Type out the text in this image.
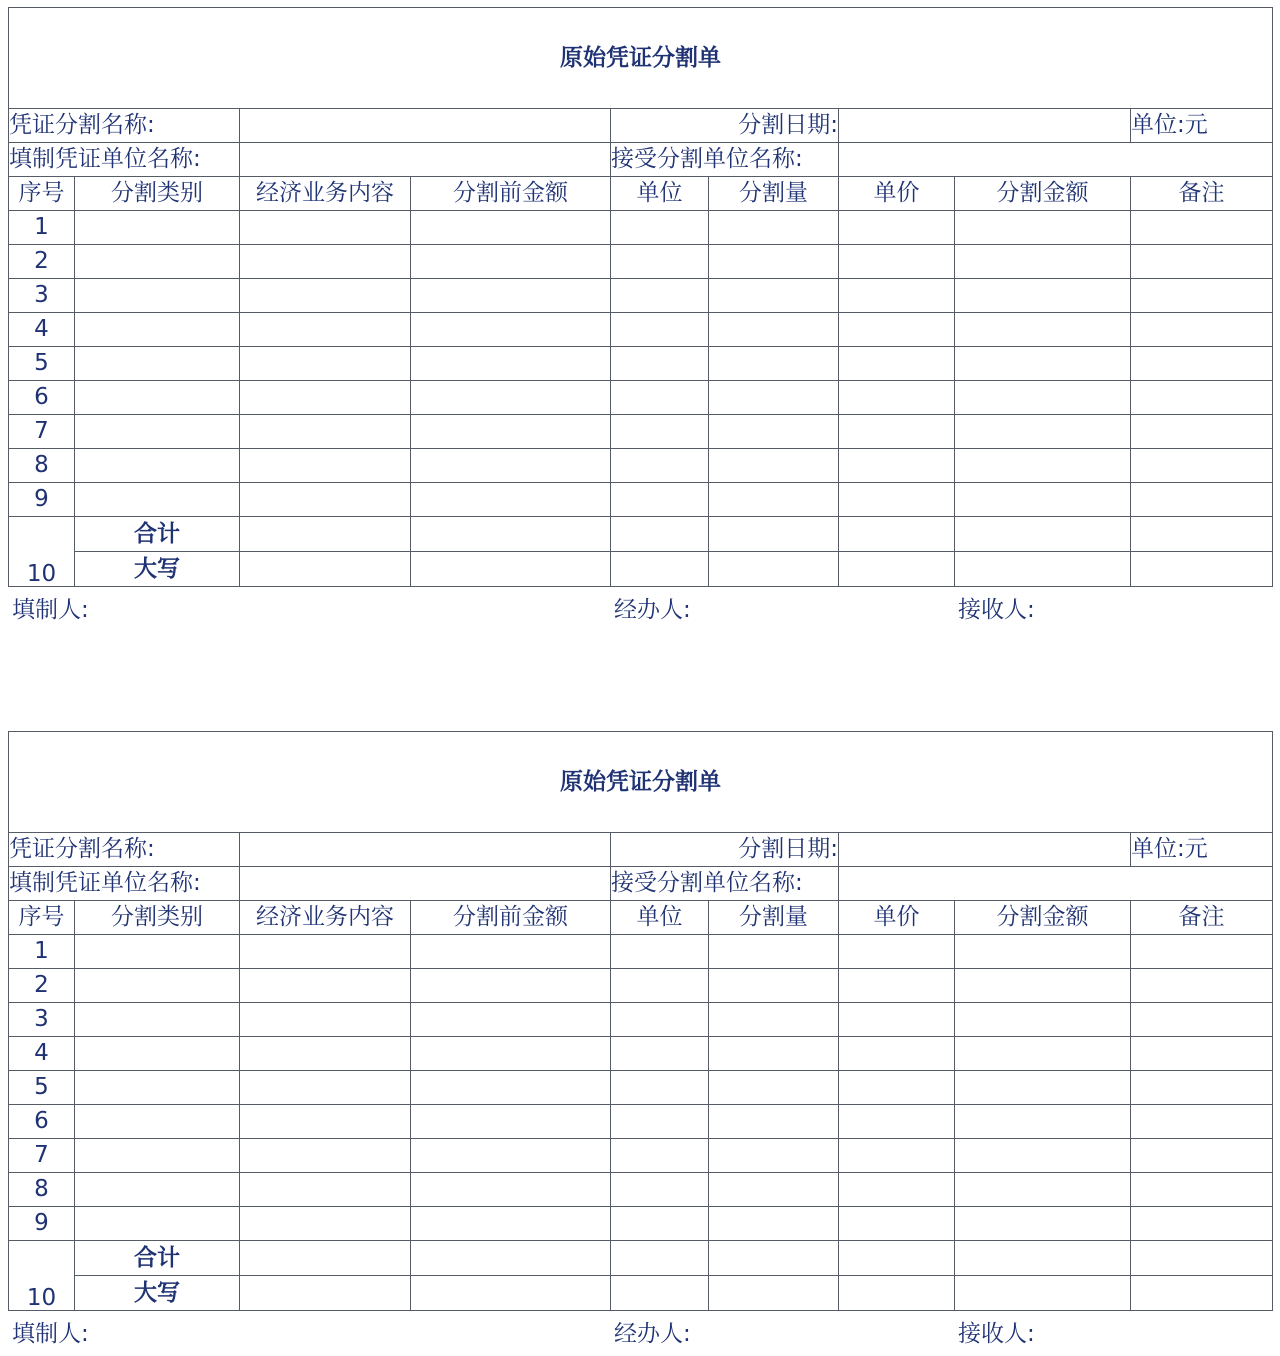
原始凭证分割单								
凭证分割名称:				分割日期:				单位:元
填制凭证单位名称:				接受分割单位名称:				
序号	分割类别	经济业务内容	分割前金额	单位	分割量	单价	分割金额	备注
1								
2								
3								
4								
5								
6								
7								
8								
9								
10	合计							
	大写							
填制人:	经办人:	接收人:
原始凭证分割单								
凭证分割名称:				分割日期:				单位:元
填制凭证单位名称:				接受分割单位名称:				
序号	分割类别	经济业务内容	分割前金额	单位	分割量	单价	分割金额	备注
1								
2								
3								
4								
5								
6								
7								
8								
9								
10	合计							
	大写							
填制人:	经办人:	接收人:
